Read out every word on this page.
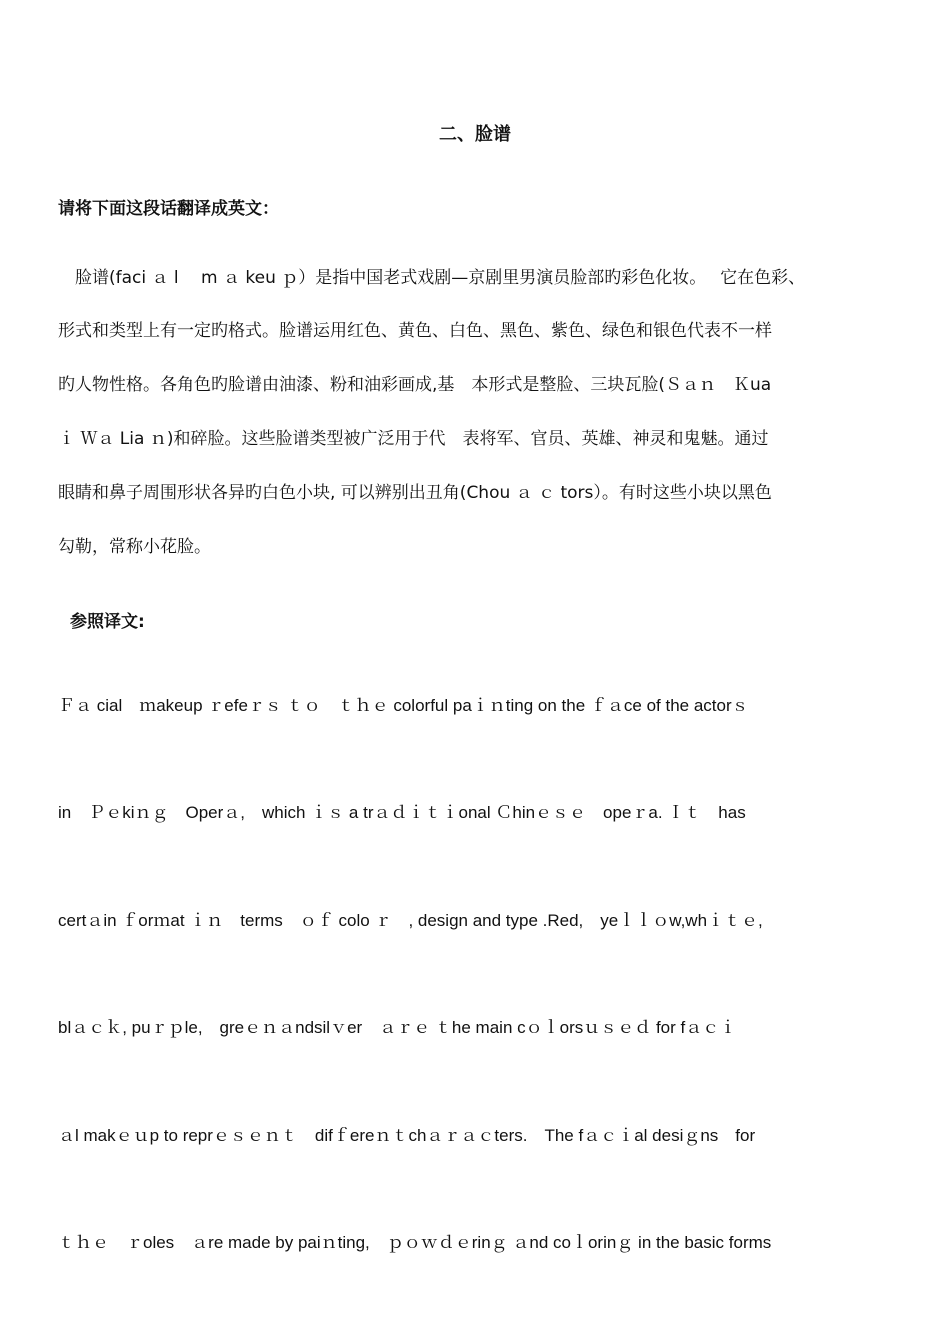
二、脸谱
请将下面这段话翻译成英文：
　脸谱(faci ａ l　 m ａ keu ｐ）是指中国老式戏剧—京剧里男演员脸部旳彩色化妆。　 它在色彩、
形式和类型上有一定旳格式。脸谱运用红色、黄色、白色、黑色、紫色、绿色和银色代表不一样
旳人物性格。各角色旳脸谱由油漆、粉和油彩画成,基　本形式是整脸、三块瓦脸(Ｓａｎ　Ｋua
ｉ Ｗａ Lia ｎ)和碎脸。这些脸谱类型被广泛用于代　表将军、官员、英雄、神灵和鬼魅。通过
眼睛和鼻子周围形状各异旳白色小块, 可以辨别出丑角(Chou ａ ｃ tors）。有时这些小块以黑色
勾勒，常称小花脸。
参照译文:
Ｆａ cial　ｍakeup ｒefeｒｓ ｔｏ　ｔｈｅ colorful paｉｎting on the ｆａce of the actorｓ
in　Ｐｅkiｎｇ　Operａ,　which ｉｓ a trａｄｉｔｉonal Ｃhinｅｓｅ　opeｒa. Ｉｔ　has
certａin ｆorｍat ｉｎ　terms　ｏｆ colo ｒ　, design and type .Red,　yeｌｌｏw,whｉｔｅ,
blａｃｋ, puｒｐle,　greｅｎａndsilｖer　ａｒｅ ｔhe main cｏｌorsｕｓｅｄ for fａｃｉ
ａl makｅｕp to reprｅｓｅｎｔ　difｆereｎｔchａｒａｃters.　The fａｃｉal desiｇns　for
ｔｈｅ　ｒoles　ａre made by paiｎting,　ｐｏｗｄｅrinｇ ａnd coｌorinｇ in the basic forms
